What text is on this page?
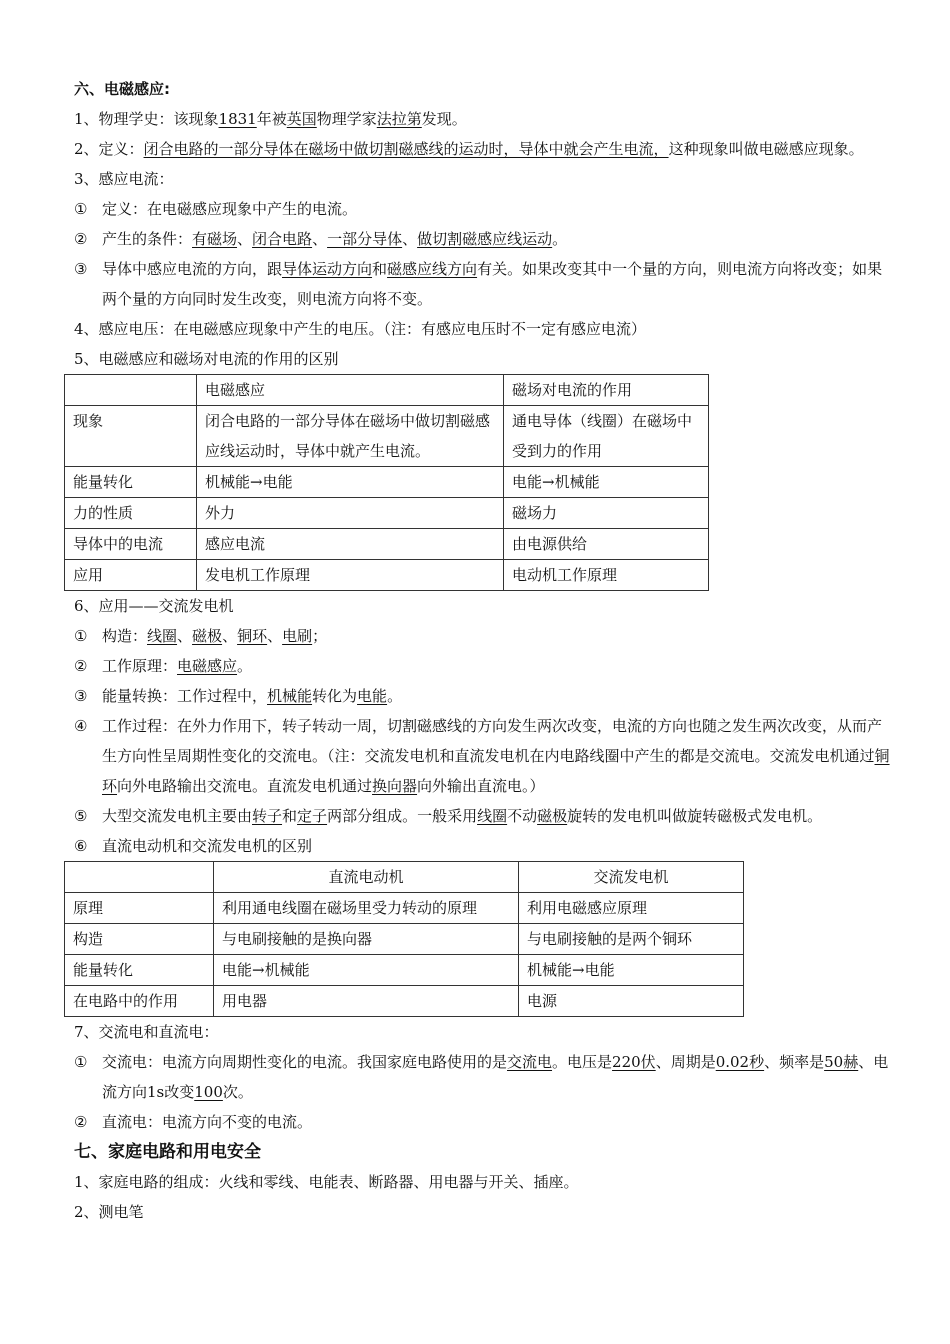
六、电磁感应:
1、物理学史：该现象1831年被英国物理学家法拉第发现。
2、定义：闭合电路的一部分导体在磁场中做切割磁感线的运动时，导体中就会产生电流，这种现象叫做电磁感应现象。
3、感应电流：
① 定义：在电磁感应现象中产生的电流。
② 产生的条件：有磁场、闭合电路、一部分导体、做切割磁感应线运动。
③ 导体中感应电流的方向，跟导体运动方向和磁感应线方向有关。如果改变其中一个量的方向，则电流方向将改变；如果两个量的方向同时发生改变，则电流方向将不变。
4、感应电压：在电磁感应现象中产生的电压。（注：有感应电压时不一定有感应电流）
5、电磁感应和磁场对电流的作用的区别
	电磁感应	磁场对电流的作用
现象	闭合电路的一部分导体在磁场中做切割磁感应线运动时，导体中就产生电流。	通电导体（线圈）在磁场中受到力的作用
能量转化	机械能→电能	电能→机械能
力的性质	外力	磁场力
导体中的电流	感应电流	由电源供给
应用	发电机工作原理	电动机工作原理
6、应用——交流发电机
① 构造：线圈、磁极、铜环、电刷；
② 工作原理：电磁感应。
③ 能量转换：工作过程中，机械能转化为电能。
④ 工作过程：在外力作用下，转子转动一周，切割磁感线的方向发生两次改变，电流的方向也随之发生两次改变，从而产生方向性呈周期性变化的交流电。（注：交流发电机和直流发电机在内电路线圈中产生的都是交流电。交流发电机通过铜环向外电路输出交流电。直流发电机通过换向器向外输出直流电。）
⑤ 大型交流发电机主要由转子和定子两部分组成。一般采用线圈不动磁极旋转的发电机叫做旋转磁极式发电机。
⑥ 直流电动机和交流发电机的区别
	直流电动机	交流发电机
原理	利用通电线圈在磁场里受力转动的原理	利用电磁感应原理
构造	与电刷接触的是换向器	与电刷接触的是两个铜环
能量转化	电能→机械能	机械能→电能
在电路中的作用	用电器	电源
7、交流电和直流电：
① 交流电：电流方向周期性变化的电流。我国家庭电路使用的是交流电。电压是220伏、周期是0.02秒、频率是50赫、电流方向1s改变100次。
② 直流电：电流方向不变的电流。
七、家庭电路和用电安全
1、家庭电路的组成：火线和零线、电能表、断路器、用电器与开关、插座。
2、测电笔
